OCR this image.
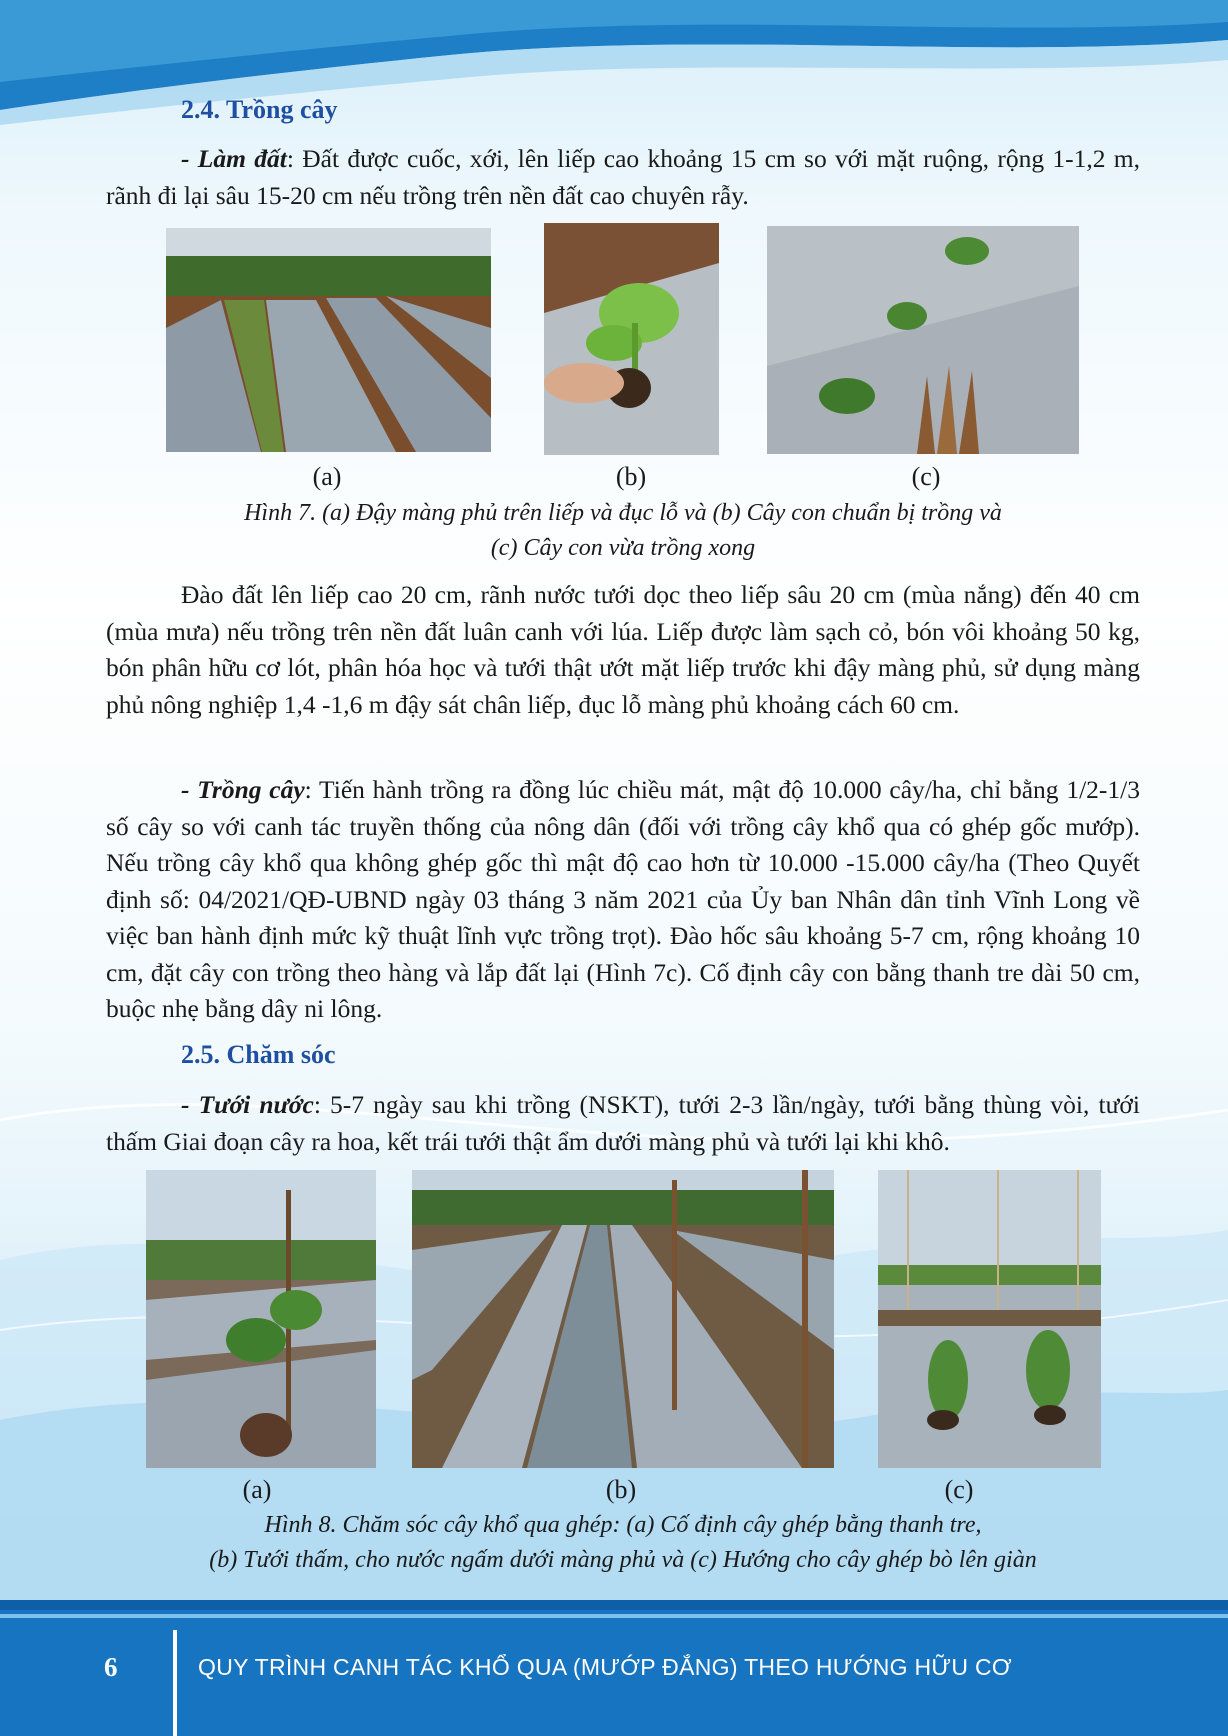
2.4. Trồng cây
- Làm đất: Đất được cuốc, xới, lên liếp cao khoảng 15 cm so với mặt ruộng, rộng 1-1,2 m, rãnh đi lại sâu 15-20 cm nếu trồng trên nền đất cao chuyên rẫy.
(a)	(b)	(c)
Hình 7. (a) Đậy màng phủ trên liếp và đục lỗ và (b) Cây con chuẩn bị trồng và
(c) Cây con vừa trồng xong
Đào đất lên liếp cao 20 cm, rãnh nước tưới dọc theo liếp sâu 20 cm (mùa nắng) đến 40 cm (mùa mưa) nếu trồng trên nền đất luân canh với lúa. Liếp được làm sạch cỏ, bón vôi khoảng 50 kg, bón phân hữu cơ lót, phân hóa học và tưới thật ướt mặt liếp trước khi đậy màng phủ, sử dụng màng phủ nông nghiệp 1,4 -1,6 m đậy sát chân liếp, đục lỗ màng phủ khoảng cách 60 cm.
- Trồng cây: Tiến hành trồng ra đồng lúc chiều mát, mật độ 10.000 cây/ha, chỉ bằng 1/2-1/3 số cây so với canh tác truyền thống của nông dân (đối với trồng cây khổ qua có ghép gốc mướp). Nếu trồng cây khổ qua không ghép gốc thì mật độ cao hơn từ 10.000 -15.000 cây/ha (Theo Quyết định số: 04/2021/QĐ-UBND ngày 03 tháng 3 năm 2021 của Ủy ban Nhân dân tỉnh Vĩnh Long về việc ban hành định mức kỹ thuật lĩnh vực trồng trọt). Đào hốc sâu khoảng 5-7 cm, rộng khoảng 10 cm, đặt cây con trồng theo hàng và lắp đất lại (Hình 7c). Cố định cây con bằng thanh tre dài 50 cm, buộc nhẹ bằng dây ni lông.
2.5. Chăm sóc
- Tưới nước: 5-7 ngày sau khi trồng (NSKT), tưới 2-3 lần/ngày, tưới bằng thùng vòi, tưới thấm Giai đoạn cây ra hoa, kết trái tưới thật ẩm dưới màng phủ và tưới lại khi khô.
(a)	(b)	(c)
Hình 8. Chăm sóc cây khổ qua ghép: (a) Cố định cây ghép bằng thanh tre,
(b) Tưới thấm, cho nước ngấm dưới màng phủ và (c) Hướng cho cây ghép bò lên giàn
6	QUY TRÌNH CANH TÁC KHỔ QUA (MƯỚP ĐẮNG) THEO HƯỚNG HỮU CƠ
